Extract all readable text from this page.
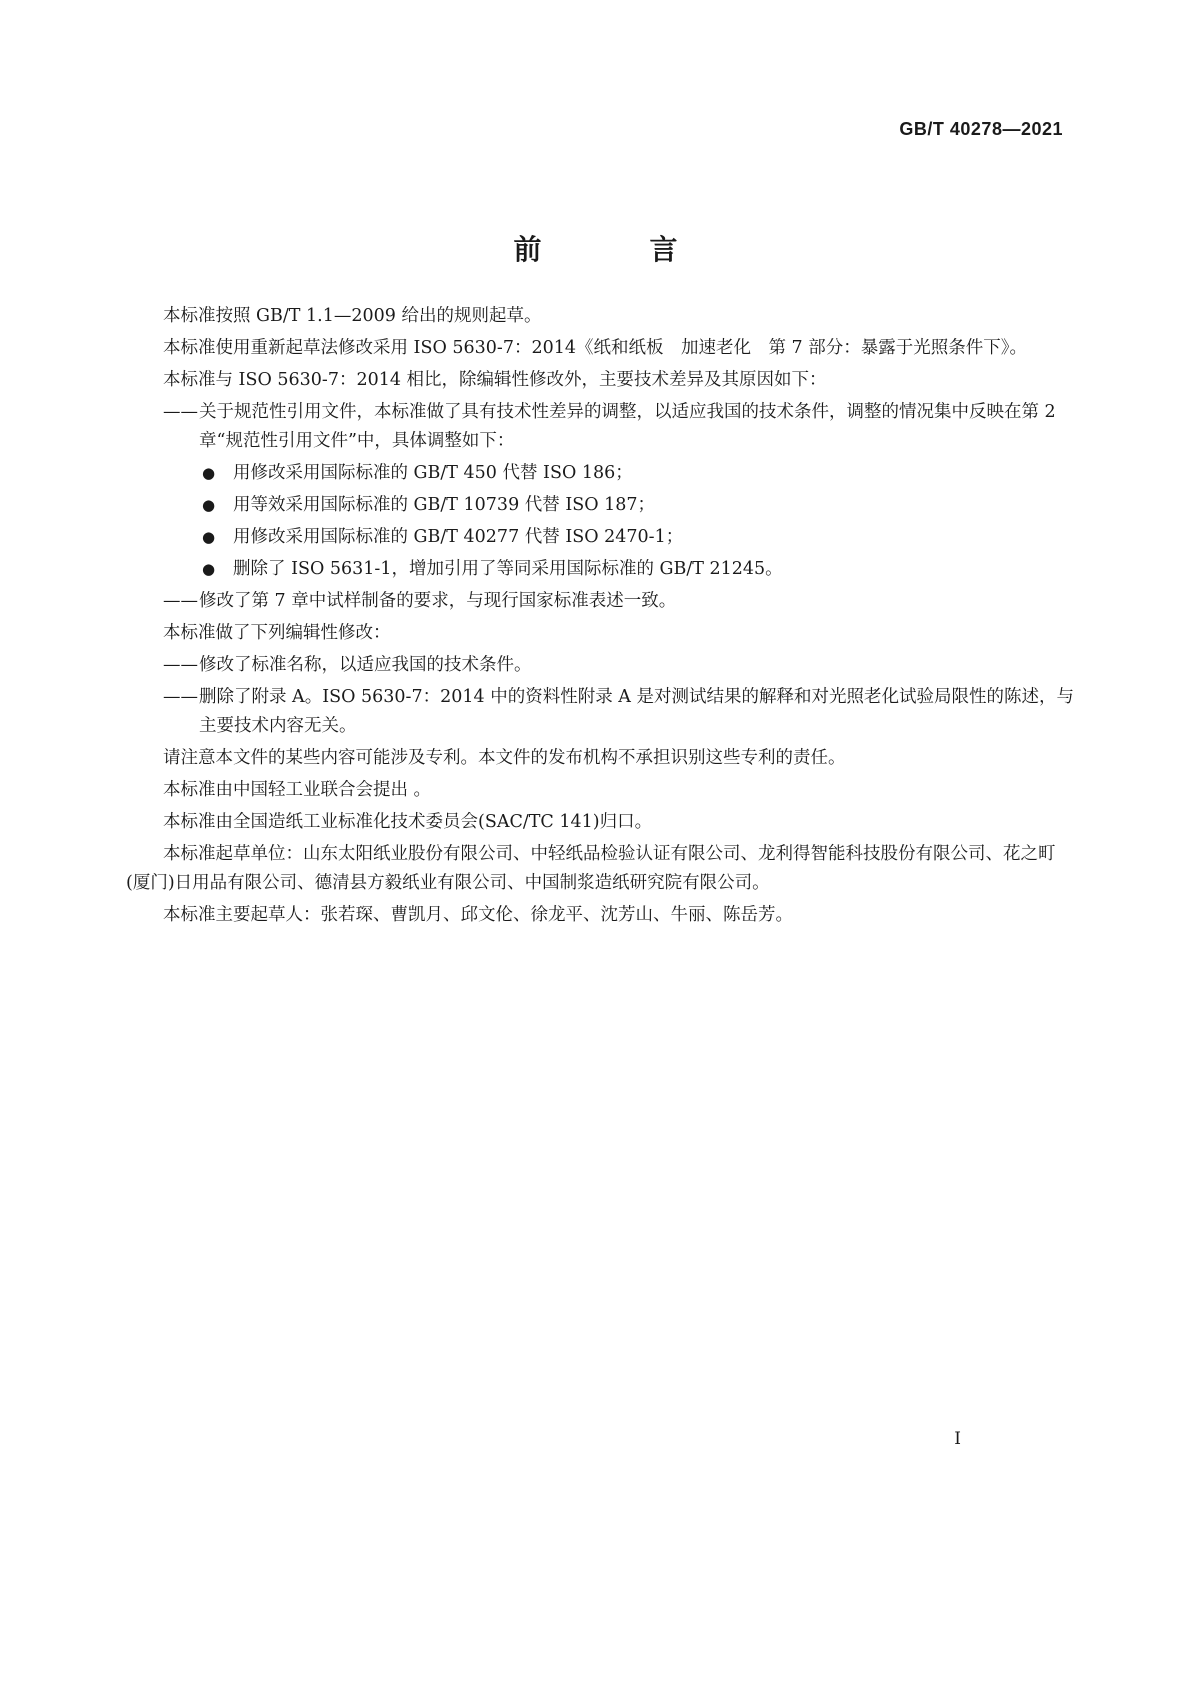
GB/T 40278—2021
前　言

本标准按照 GB/T 1.1—2009 给出的规则起草。

本标准使用重新起草法修改采用 ISO 5630-7：2014《纸和纸板　加速老化　第 7 部分：暴露于光照条件下》。

本标准与 ISO 5630-7：2014 相比，除编辑性修改外，主要技术差异及其原因如下：

—— 关于规范性引用文件，本标准做了具有技术性差异的调整，以适应我国的技术条件，调整的情况集中反映在第 2 章“规范性引用文件”中，具体调整如下：
●	用修改采用国际标准的 GB/T 450 代替 ISO 186；
●	用等效采用国际标准的 GB/T 10739 代替 ISO 187；
●	用修改采用国际标准的 GB/T 40277 代替 ISO 2470-1；
●	删除了 ISO 5631-1，增加引用了等同采用国际标准的 GB/T 21245。
—— 修改了第 7 章中试样制备的要求，与现行国家标准表述一致。

本标准做了下列编辑性修改：

—— 修改了标准名称，以适应我国的技术条件。
—— 删除了附录 A。ISO 5630-7：2014 中的资料性附录 A 是对测试结果的解释和对光照老化试验局限性的陈述，与主要技术内容无关。

请注意本文件的某些内容可能涉及专利。本文件的发布机构不承担识别这些专利的责任。

本标准由中国轻工业联合会提出 。

本标准由全国造纸工业标准化技术委员会(SAC/TC 141)归口。

本标准起草单位：山东太阳纸业股份有限公司、中轻纸品检验认证有限公司、龙利得智能科技股份有限公司、花之町(厦门)日用品有限公司、德清县方毅纸业有限公司、中国制浆造纸研究院有限公司。

本标准主要起草人：张若琛、曹凯月、邱文伦、徐龙平、沈芳山、牛丽、陈岳芳。

I
